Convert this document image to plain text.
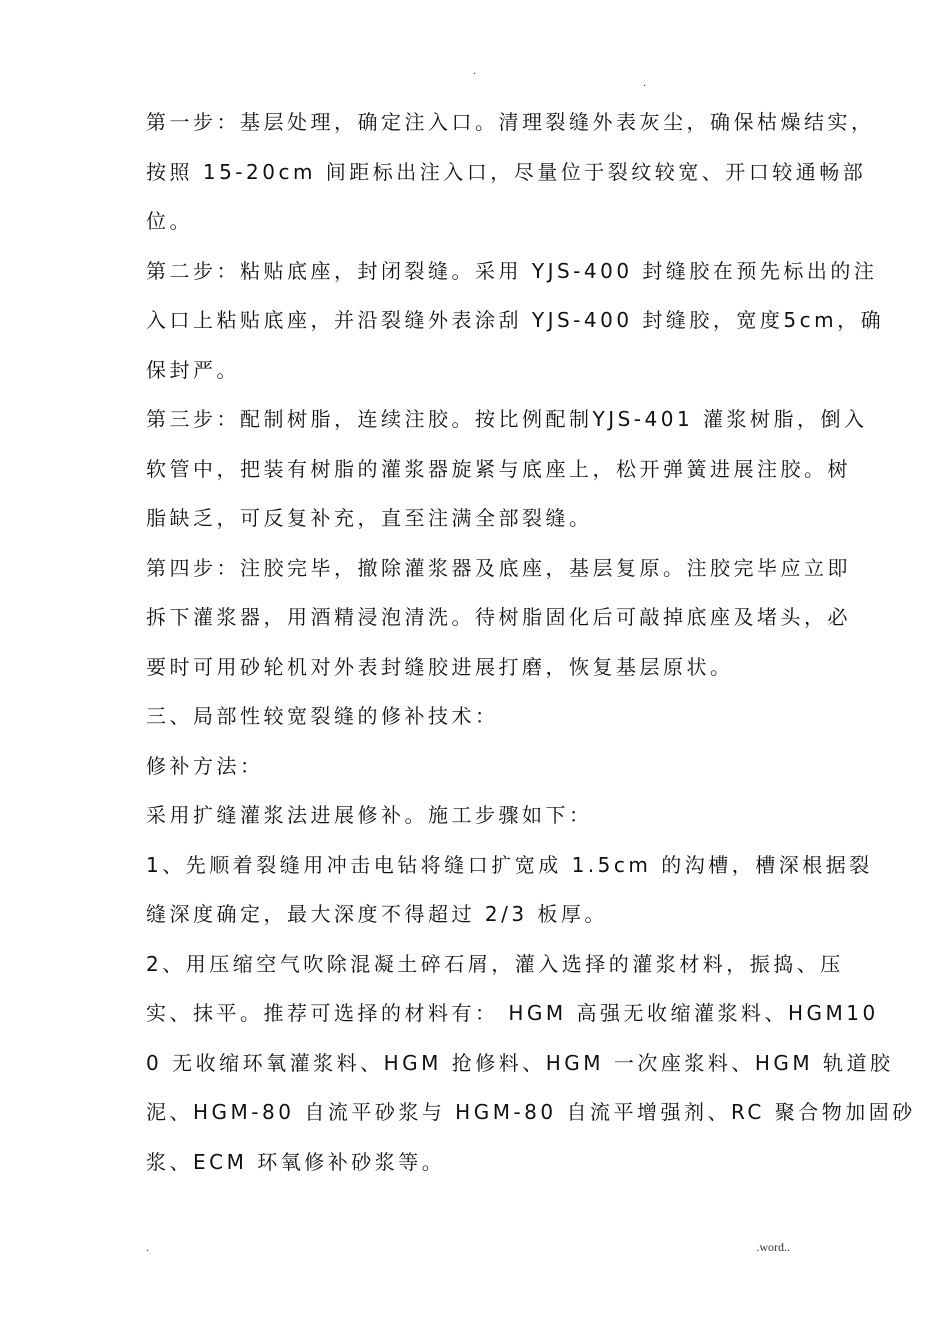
.
.
第一步：基层处理，确定注入口。清理裂缝外表灰尘，确保枯燥结实，
按照 15-20cm 间距标出注入口，尽量位于裂纹较宽、开口较通畅部
位。
第二步：粘贴底座，封闭裂缝。采用 YJS-400 封缝胶在预先标出的注
入口上粘贴底座，并沿裂缝外表涂刮 YJS-400 封缝胶，宽度5cm，确
保封严。
第三步：配制树脂，连续注胶。按比例配制YJS-401 灌浆树脂，倒入
软管中，把装有树脂的灌浆器旋紧与底座上，松开弹簧进展注胶。树
脂缺乏，可反复补充，直至注满全部裂缝。
第四步：注胶完毕，撤除灌浆器及底座，基层复原。注胶完毕应立即
拆下灌浆器，用酒精浸泡清洗。待树脂固化后可敲掉底座及堵头，必
要时可用砂轮机对外表封缝胶进展打磨，恢复基层原状。
三、局部性较宽裂缝的修补技术：
修补方法：
采用扩缝灌浆法进展修补。施工步骤如下：
1、先顺着裂缝用冲击电钻将缝口扩宽成 1.5cm 的沟槽，槽深根据裂
缝深度确定，最大深度不得超过 2/3 板厚。
2、用压缩空气吹除混凝土碎石屑，灌入选择的灌浆材料，振捣、压
实、抹平。推荐可选择的材料有： HGM 高强无收缩灌浆料、HGM10
0 无收缩环氧灌浆料、HGM 抢修料、HGM 一次座浆料、HGM 轨道胶
泥、HGM-80 自流平砂浆与 HGM-80 自流平增强剂、RC 聚合物加固砂
浆、ECM 环氧修补砂浆等。
.	.word..
